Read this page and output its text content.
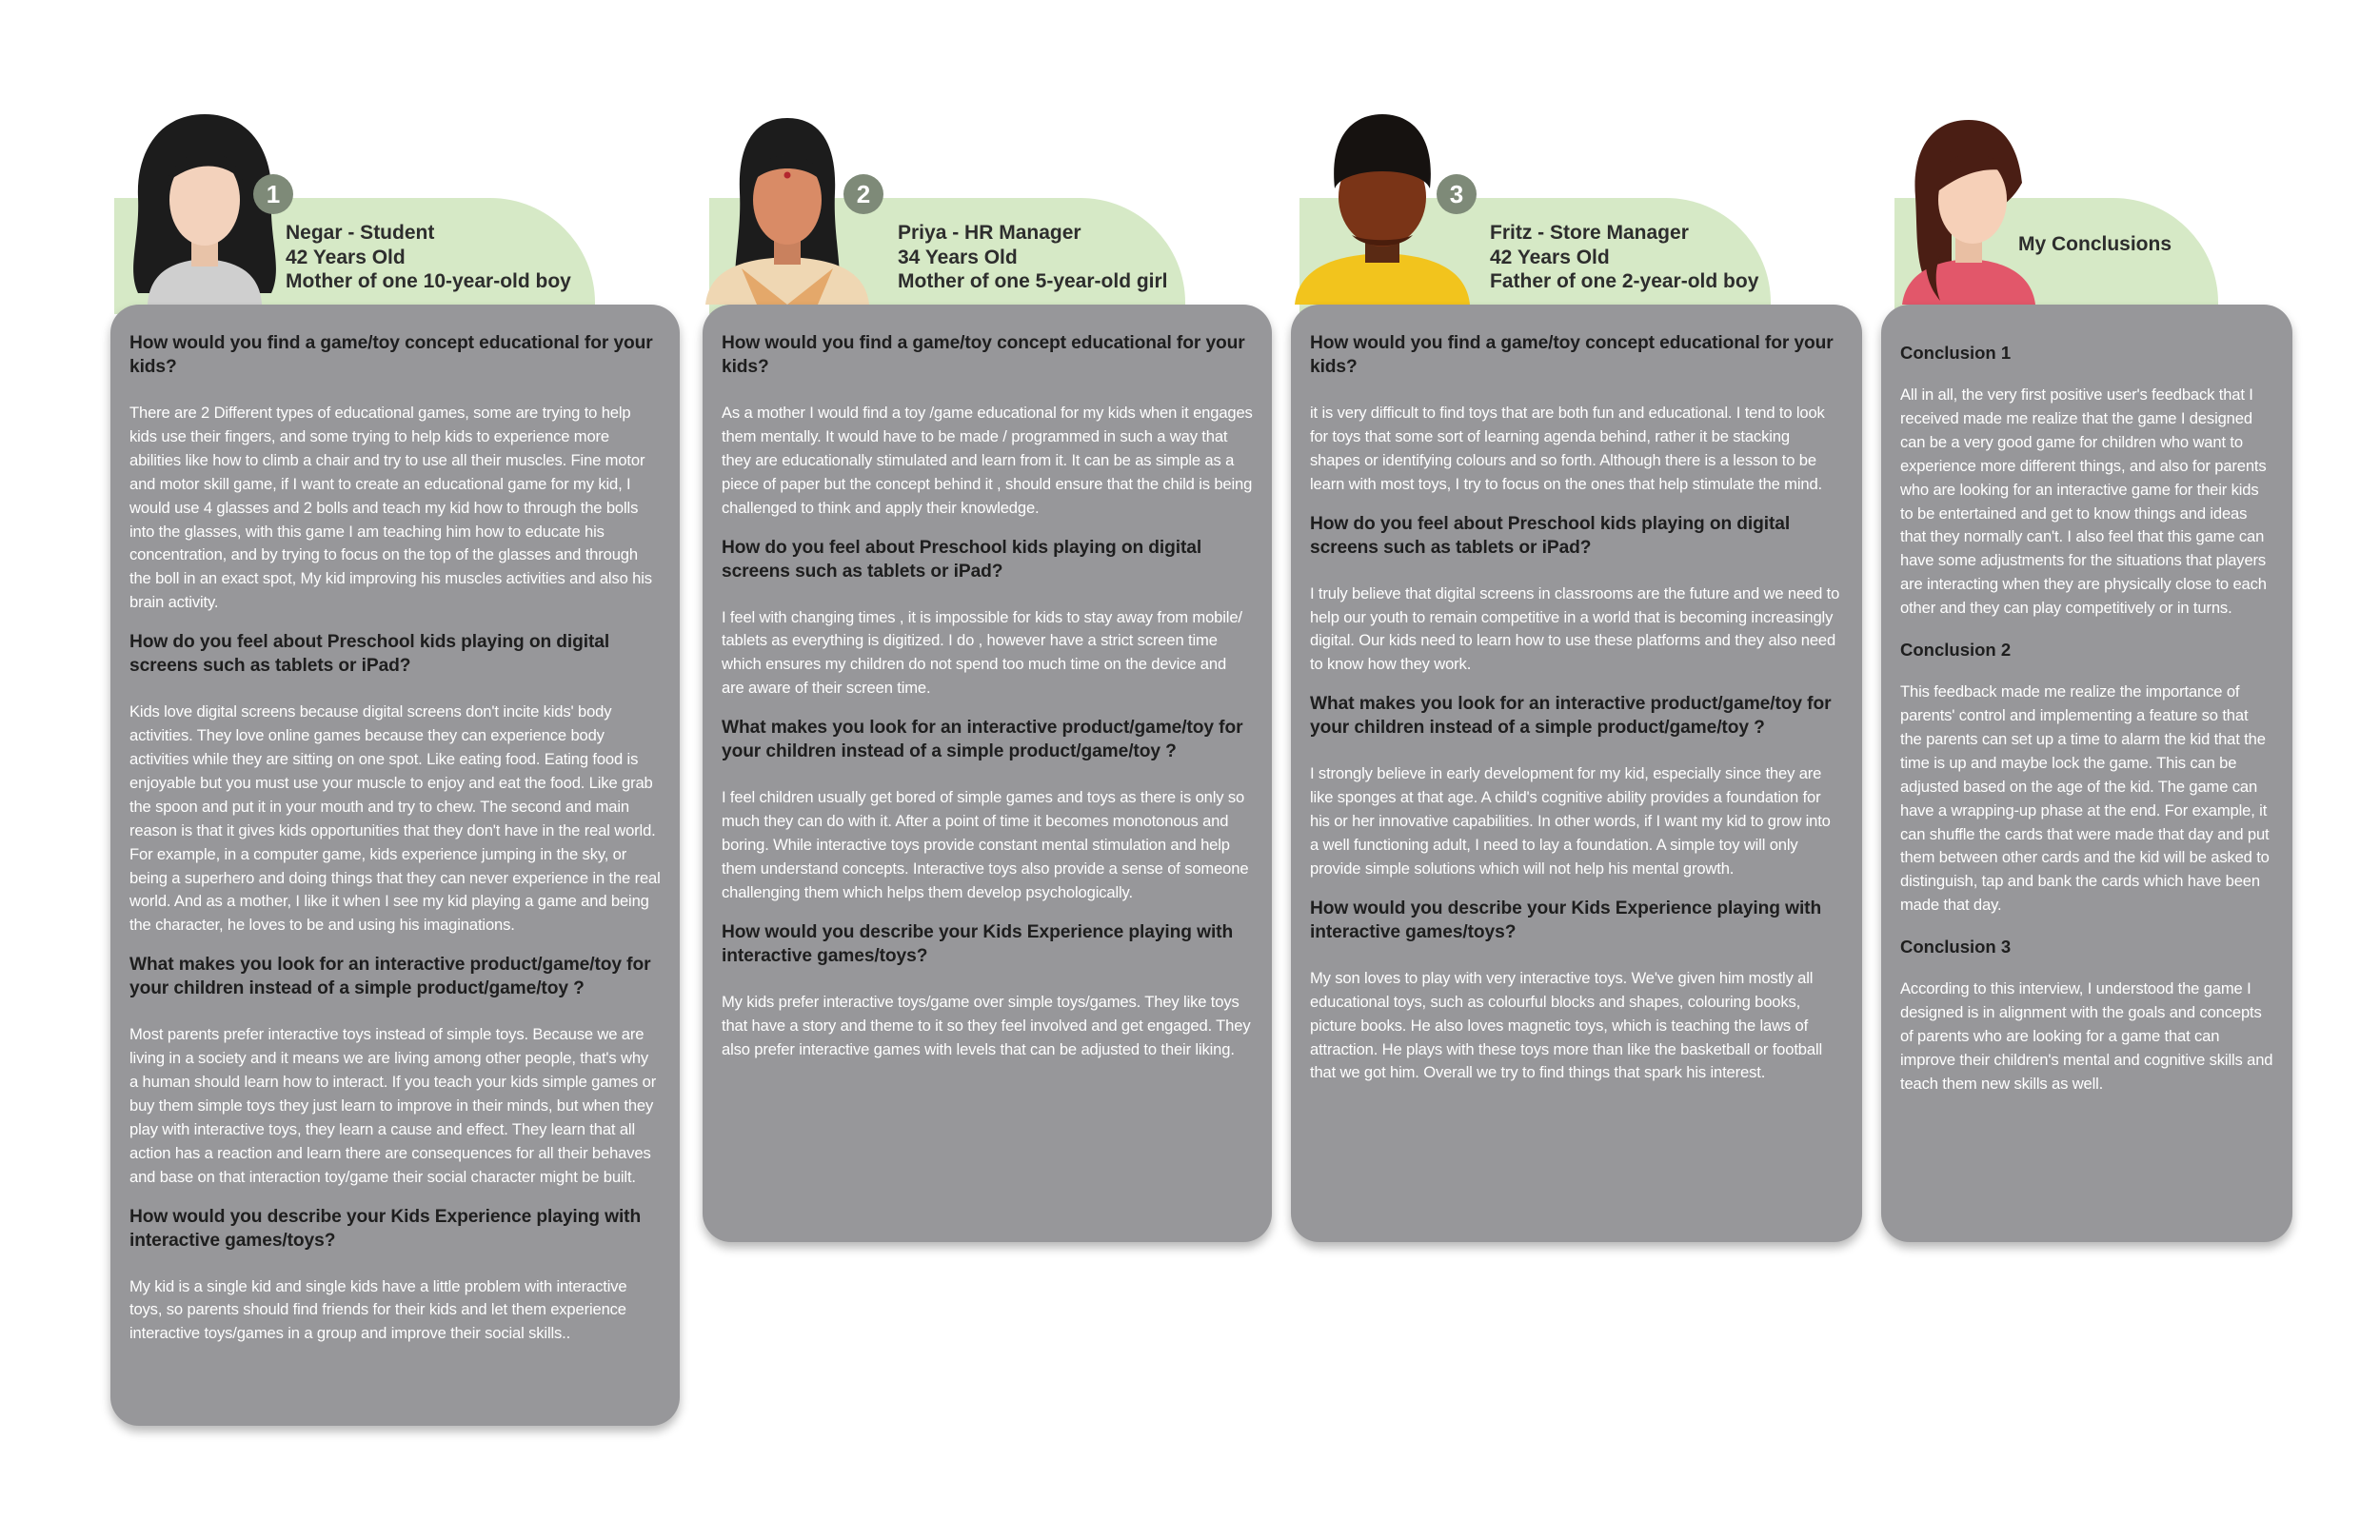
1
Negar - Student
42 Years Old
Mother of one 10-year-old boy
How would you find a game/toy concept educational for your kids?
There are 2 Different types of educational games, some are trying to help kids use their fingers, and some trying to help kids to experience more abilities like how to climb a chair and try to use all their muscles. Fine motor and motor skill game, if I want to create an educational game for my kid, I would use 4 glasses and 2 bolls and teach my kid how to through the bolls into the glasses, with this game I am teaching him how to educate his concentration, and by trying to focus on the top of the glasses and through the boll in an exact spot, My kid improving his muscles activities and also his brain activity.
How do you feel about Preschool kids playing on digital screens such as tablets or iPad?
Kids love digital screens because digital screens don't incite kids' body activities. They love online games because they can experience body activities while they are sitting on one spot. Like eating food. Eating food is enjoyable but you must use your muscle to enjoy and eat the food. Like grab the spoon and put it in your mouth and try to chew. The second and main reason is that it gives kids opportunities that they don't have in the real world. For example, in a computer game, kids experience jumping in the sky, or being a superhero and doing things that they can never experience in the real world. And as a mother, I like it when I see my kid playing a game and being the character, he loves to be and using his imaginations.
What makes you look for an interactive product/game/toy for your children instead of a simple product/game/toy ?
Most parents prefer interactive toys instead of simple toys. Because we are living in a society and it means we are living among other people, that's why a human should learn how to interact. If you teach your kids simple games or buy them simple toys they just learn to improve in their minds, but when they play with interactive toys, they learn a cause and effect. They learn that all action has a reaction and learn there are consequences for all their behaves and base on that interaction toy/game their social character might be built.
How would you describe your Kids Experience playing with interactive games/toys?
My kid is a single kid and single kids have a little problem with interactive toys, so parents should find friends for their kids and let them experience interactive toys/games in a group and improve their social skills..
2
Priya - HR Manager
34 Years Old
Mother of one 5-year-old girl
How would you find a game/toy concept educational for your kids?
As a mother I would find a toy /game educational for my kids when it engages them mentally. It would have to be made / programmed in such a way that they are educationally stimulated and learn from it. It can be as simple as a piece of paper but the concept behind it , should ensure that the child is being challenged to think and apply their knowledge.
How do you feel about Preschool kids playing on digital screens such as tablets or iPad?
I feel with changing times , it is impossible for kids to stay away from mobile/ tablets as everything is digitized. I do , however have a strict screen time which ensures my children do not spend too much time on the device and are aware of their screen time.
What makes you look for an interactive product/game/toy for your children instead of a simple product/game/toy ?
I feel children usually get bored of simple games and toys as there is only so much they can do with it. After a point of time it becomes monotonous and boring. While interactive toys provide constant mental stimulation and help them understand concepts. Interactive toys also provide a sense of someone challenging them which helps them develop psychologically.
How would you describe your Kids Experience playing with interactive games/toys?
My kids prefer interactive toys/game over simple toys/games. They like toys that have a story and theme to it so they feel involved and get engaged. They also prefer interactive games with levels that can be adjusted to their liking.
3
Fritz - Store Manager
42 Years Old
Father of one 2-year-old boy
How would you find a game/toy concept educational for your kids?
it is very difficult to find toys that are both fun and educational. I tend to look for toys that some sort of learning agenda behind, rather it be stacking shapes or identifying colours and so forth. Although there is a lesson to be learn with most toys, I try to focus on the ones that help stimulate the mind.
How do you feel about Preschool kids playing on digital screens such as tablets or iPad?
I truly believe that digital screens in classrooms are the future and we need to help our youth to remain competitive in a world that is becoming increasingly digital. Our kids need to learn how to use these platforms and they also need to know how they work.
What makes you look for an interactive product/game/toy for your children instead of a simple product/game/toy ?
I strongly believe in early development for my kid, especially since they are like sponges at that age. A child's cognitive ability provides a foundation for his or her innovative capabilities. In other words, if I want my kid to grow into a well functioning adult, I need to lay a foundation. A simple toy will only provide simple solutions which will not help his mental growth.
How would you describe your Kids Experience playing with interactive games/toys?
My son loves to play with very interactive toys. We've given him mostly all educational toys, such as colourful blocks and shapes, colouring books, picture books. He also loves magnetic toys, which is teaching the laws of attraction. He plays with these toys more than like the basketball or football that we got him. Overall we try to find things that spark his interest.
My Conclusions
Conclusion 1
All in all, the very first positive user's feedback that I received made me realize that the game I designed can be a very good game for children who want to experience more different things, and also for parents who are looking for an interactive game for their kids to be entertained and get to know things and ideas that they normally can't. I also feel that this game can have some adjustments for the situations that players are interacting when they are physically close to each other and they can play competitively or in turns.
Conclusion 2
This feedback made me realize the importance of parents' control and implementing a feature so that the parents can set up a time to alarm the kid that the time is up and maybe lock the game. This can be adjusted based on the age of the kid. The game can have a wrapping-up phase at the end. For example, it can shuffle the cards that were made that day and put them between other cards and the kid will be asked to distinguish, tap and bank the cards which have been made that day.
Conclusion 3
According to this interview, I understood the game I designed is in alignment with the goals and concepts of parents who are looking for a game that can improve their children's mental and cognitive skills and teach them new skills as well.
